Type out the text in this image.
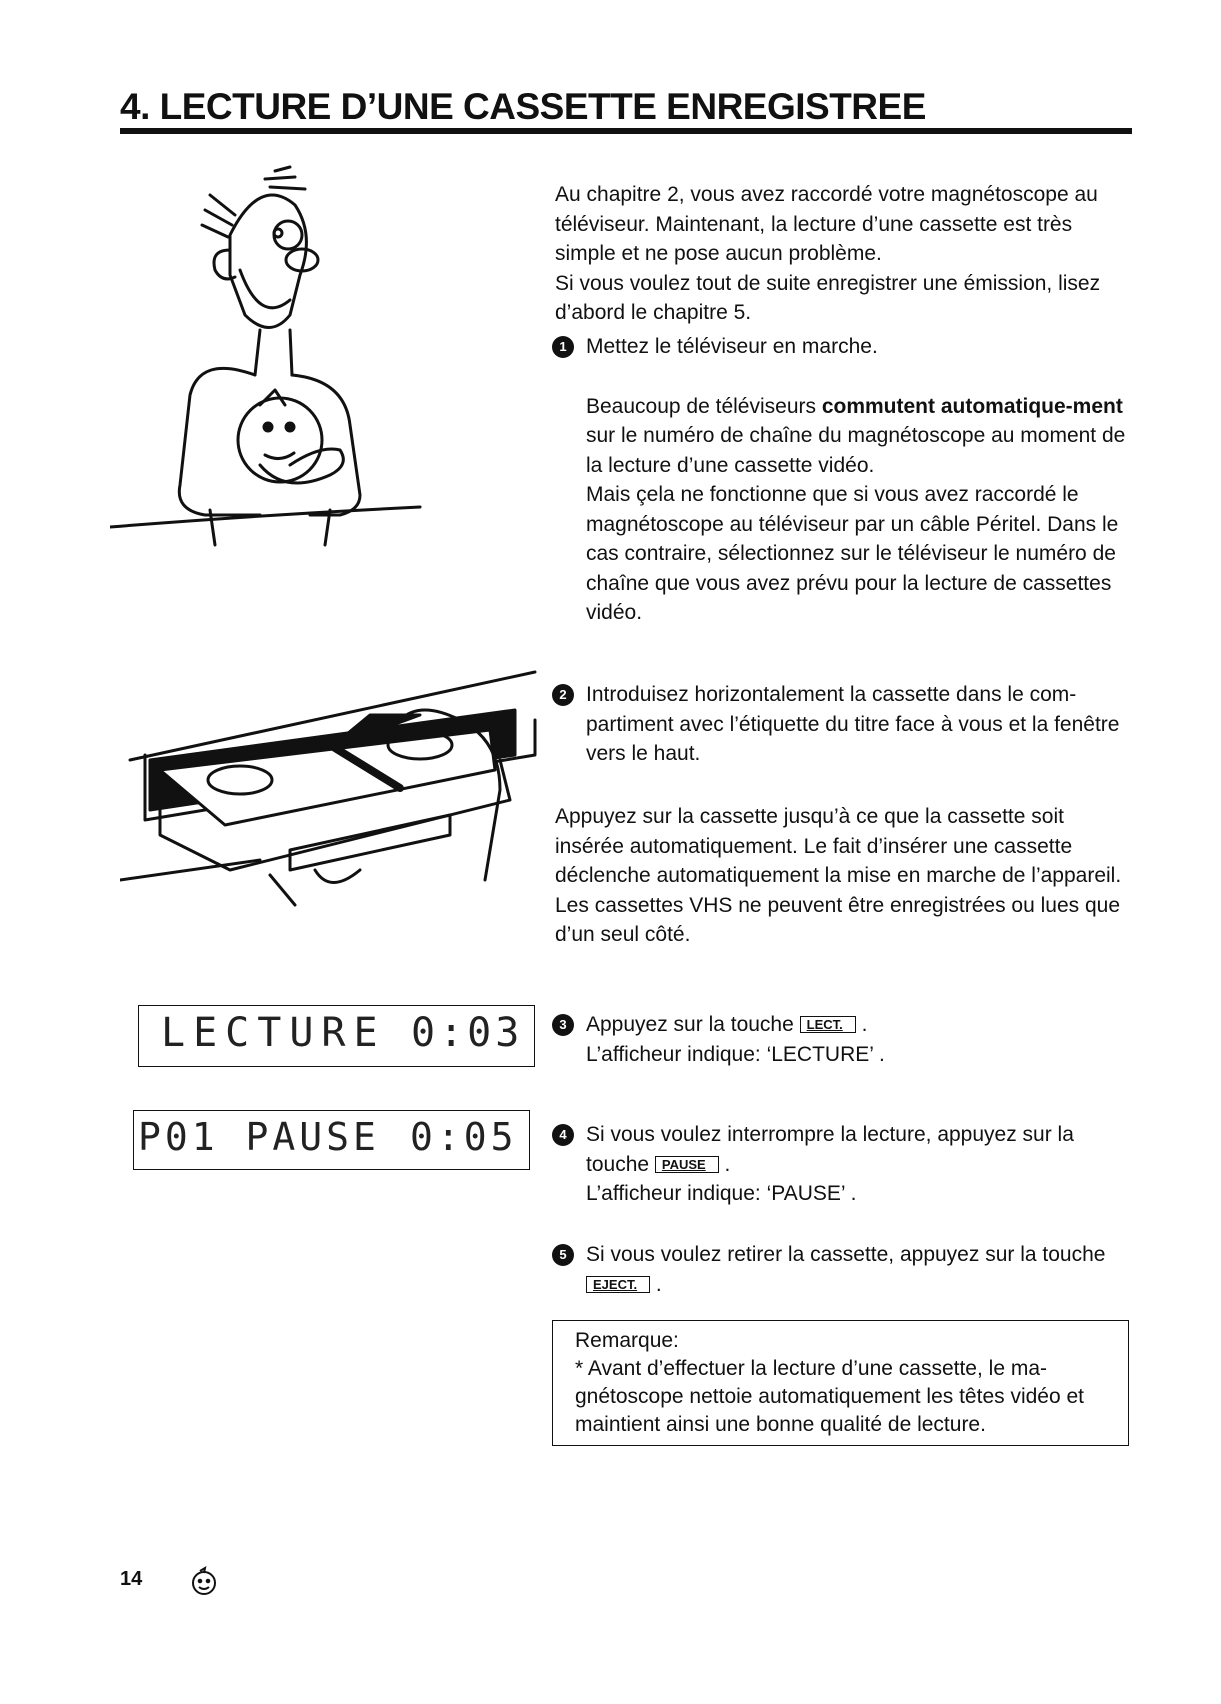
4. LECTURE D’UNE CASSETTE ENREGISTREE

Au chapitre 2, vous avez raccordé votre magnétoscope au téléviseur. Maintenant, la lecture d’une cassette est très simple et ne pose aucun problème.

Si vous voulez tout de suite enregistrer une émission, lisez d’abord le chapitre 5.

1 Mettez le téléviseur en marche.

Beaucoup de téléviseurs commutent automatique-ment sur le numéro de chaîne du magnétoscope au moment de la lecture d’une cassette vidéo.

Mais çela ne fonctionne que si vous avez raccordé le magnétoscope au téléviseur par un câble Péritel. Dans le cas contraire, sélectionnez sur le téléviseur le numéro de chaîne que vous avez prévu pour la lecture de cassettes vidéo.

2 Introduisez horizontalement la cassette dans le com-partiment avec l’étiquette du titre face à vous et la fenêtre vers le haut.

Appuyez sur la cassette jusqu’à ce que la cassette soit insérée automatiquement. Le fait d’insérer une cassette déclenche automatiquement la mise en marche de l’appareil.

Les cassettes VHS ne peuvent être enregistrées ou lues que d’un seul côté.

LECTURE 0:03
P01 PAUSE 0:05
3 Appuyez sur la touche LECT. .

L’afficheur indique: ‘LECTURE’ .

4 Si vous voulez interrompre la lecture, appuyez sur la touche PAUSE .

L’afficheur indique: ‘PAUSE’ .

5 Si vous voulez retirer la cassette, appuyez sur la touche EJECT. .

Remarque:

* Avant d’effectuer la lecture d’une cassette, le ma-gnétoscope nettoie automatiquement les têtes vidéo et maintient ainsi une bonne qualité de lecture.

14
